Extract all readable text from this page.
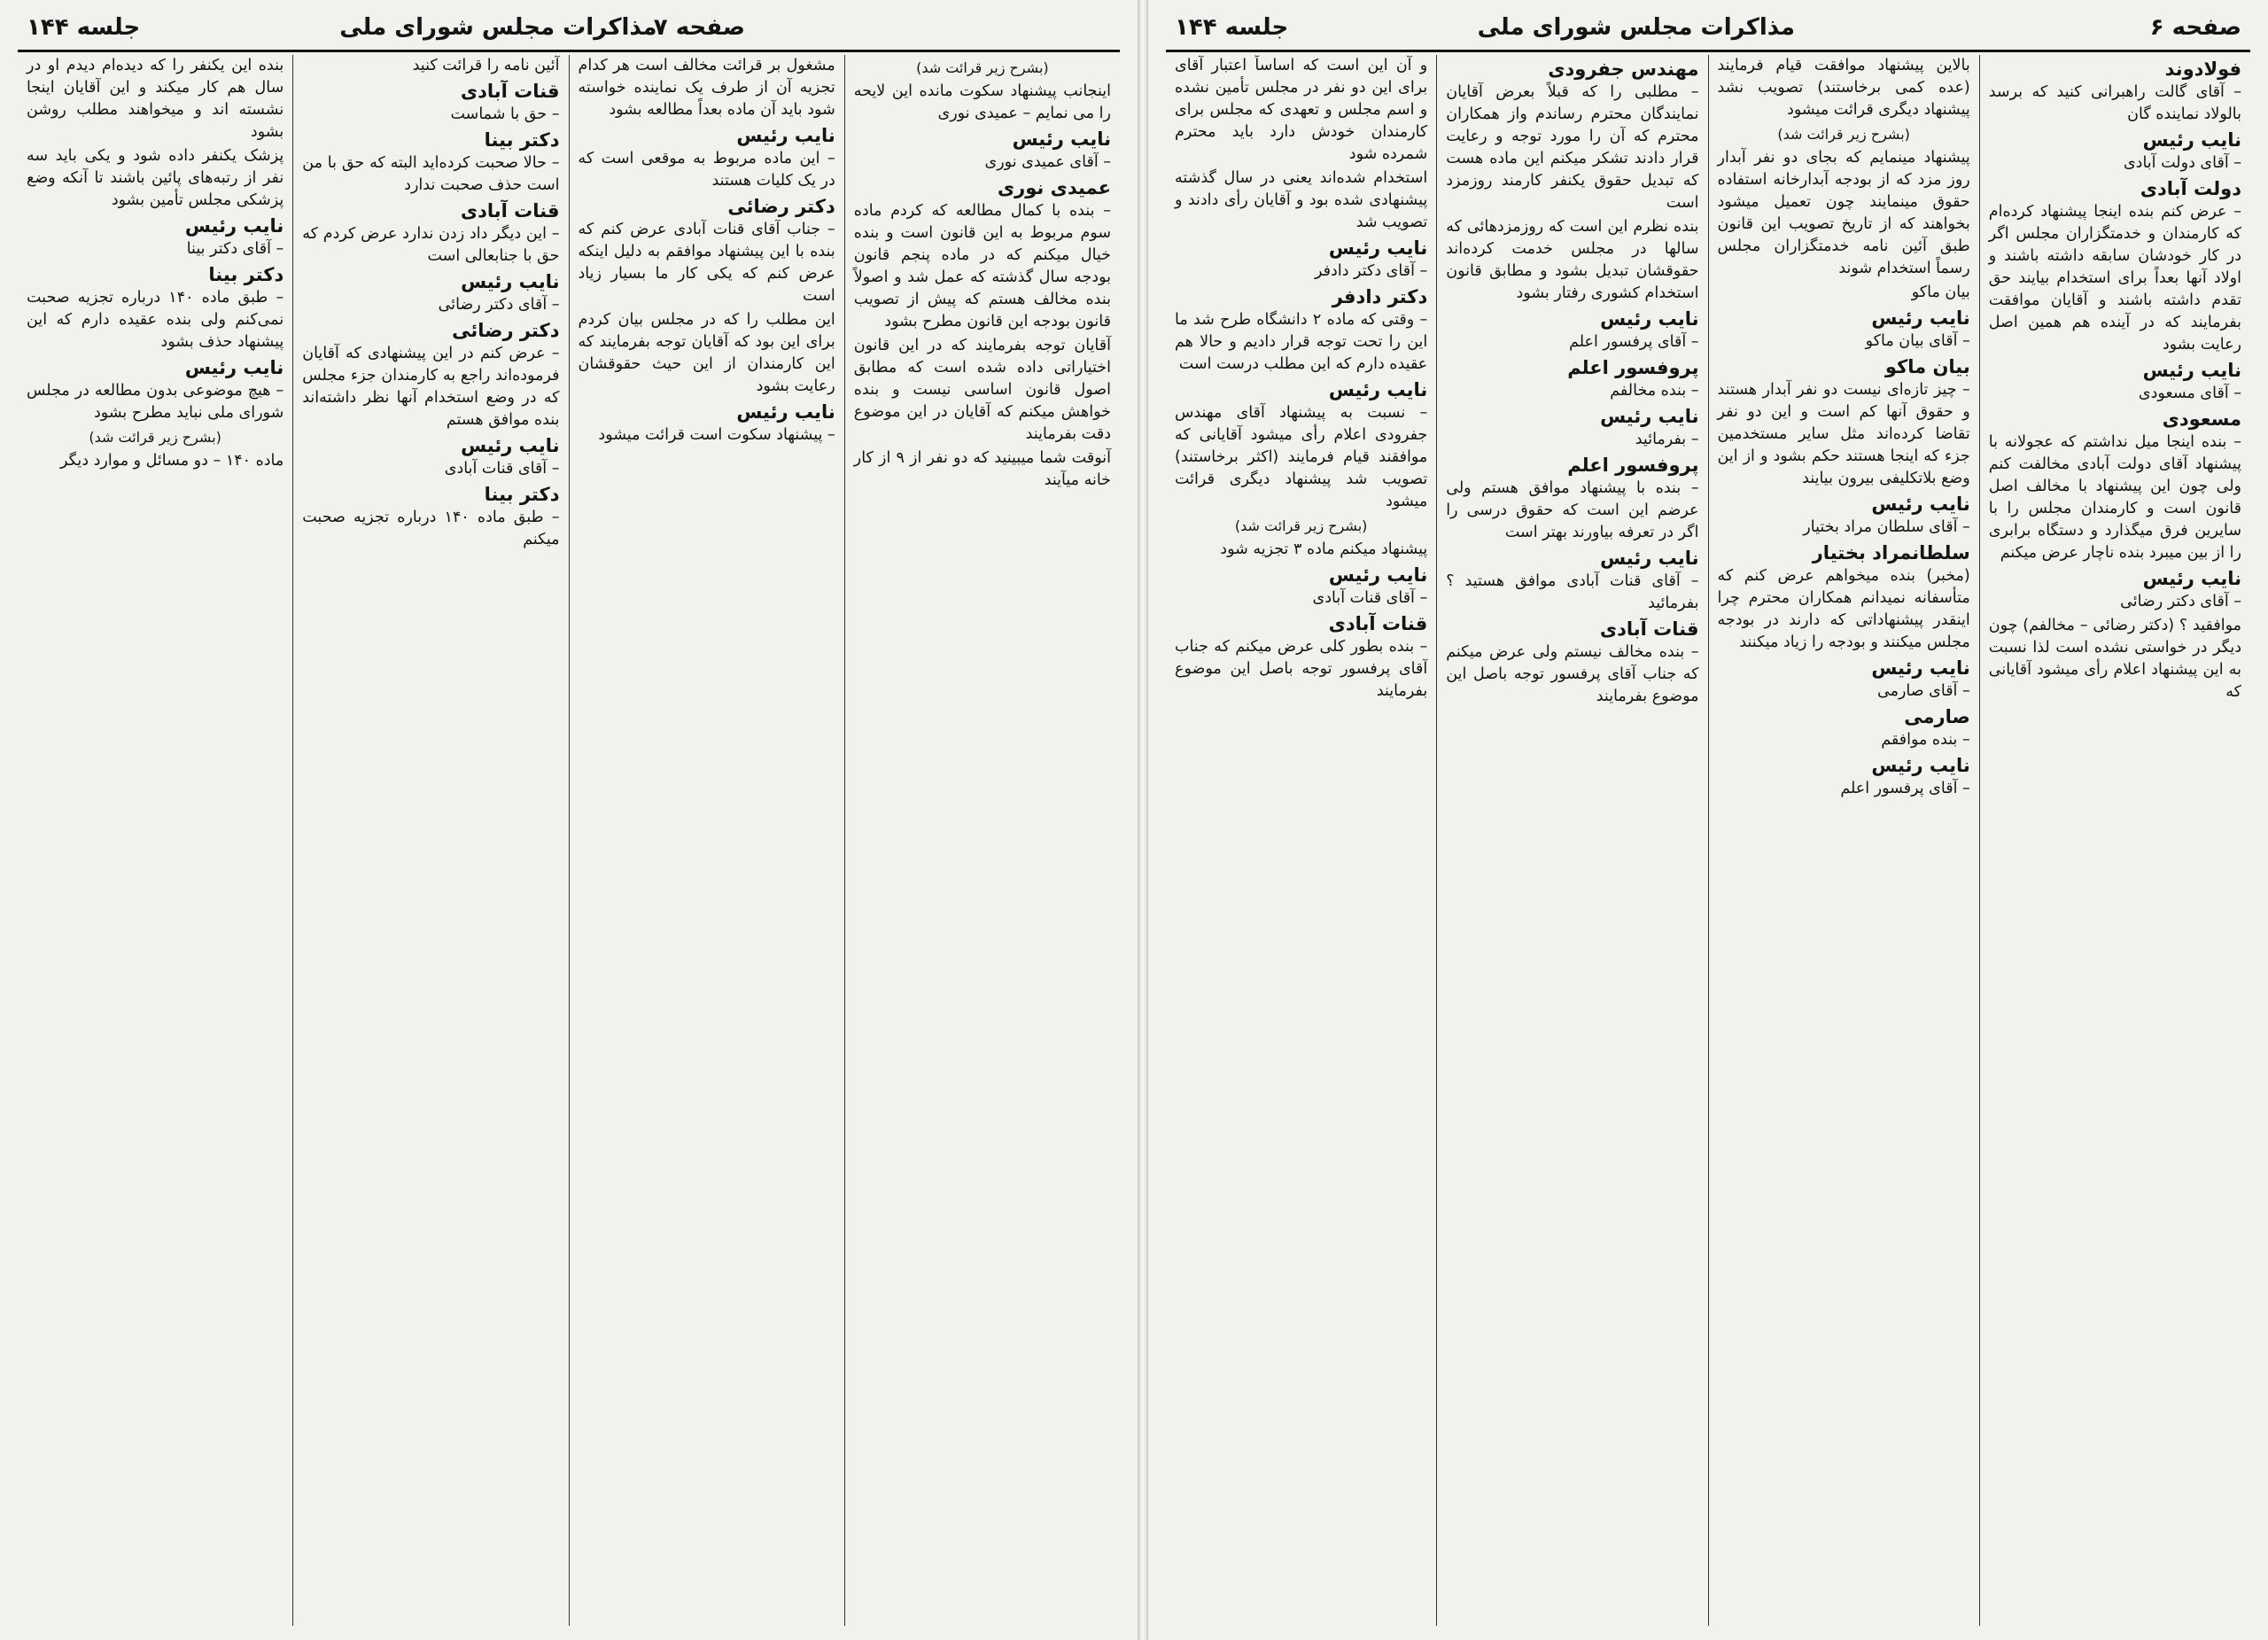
صفحه ۶
مذاکرات مجلس شورای ملی
جلسه ۱۴۴
فولادوند

– آقای گالت راهبرانی کنید که برسد بالولاد نماینده گان

نایب رئیس

– آقای دولت آبادی

دولت آبادی

– عرض کنم بنده اینجا پیشنهاد کرده‌ام که کارمندان و خدمتگزاران مجلس اگر در کار خودشان سابقه داشته باشند و اولاد آنها بعداً برای استخدام بیایند حق تقدم داشته باشند و آقایان موافقت بفرمایند که در آینده هم همین اصل رعایت بشود

نایب رئیس

– آقای مسعودی

مسعودی

– بنده اینجا میل نداشتم که عجولانه با پیشنهاد آقای دولت آبادی مخالفت کنم ولی چون این پیشنهاد با مخالف اصل قانون است و کارمندان مجلس را با سایرین فرق میگذارد و دستگاه برابری را از بین میبرد بنده ناچار عرض میکنم

نایب رئیس

– آقای دکتر رضائی

موافقید ؟ (دکتر رضائی – مخالفم) چون دیگر در خواستی نشده است لذا نسبت به این پیشنهاد اعلام رأی میشود آقایانی که

بالاین پیشنهاد موافقت قیام فرمایند (عده کمی برخاستند) تصویب نشد پیشنهاد دیگری قرائت میشود

(بشرح زیر قرائت شد)

پیشنهاد مینمایم که بجای دو نفر آبدار روز مزد که از بودجه آبدارخانه استفاده حقوق مینمایند چون تعمیل میشود بخواهند که از تاریخ تصویب این قانون طبق آئین نامه خدمتگزاران مجلس رسماً استخدام شوند

بیان ماکو

نایب رئیس

– آقای بیان ماکو

بیان ماکو

– چیز تازه‌ای نیست دو نفر آبدار هستند و حقوق آنها کم است و این دو نفر تقاضا کرده‌اند مثل سایر مستخدمین جزء که اینجا هستند حکم بشود و از این وضع بلاتکلیفی بیرون بیایند

نایب رئیس

– آقای سلطان مراد بختیار

سلطانمراد بختیار

(مخبر) بنده میخواهم عرض کنم که متأسفانه نمیدانم همکاران محترم چرا اینقدر پیشنهاداتی که دارند در بودجه مجلس میکنند و بودجه را زیاد میکنند

نایب رئیس

– آقای صارمی

صارمی

– بنده موافقم

نایب رئیس

– آقای پرفسور اعلم

مهندس جفرودی

– مطلبی را که قبلاً بعرض آقایان نمایندگان محترم رساندم واز همکاران محترم که آن را مورد توجه و رعایت قرار دادند تشکر میکنم این ماده هست که تبدیل حقوق یکنفر کارمند روزمزد است

بنده نظرم این است که روزمزدهائی که سالها در مجلس خدمت کرده‌اند حقوقشان تبدیل بشود و مطابق قانون استخدام کشوری رفتار بشود

نایب رئیس

– آقای پرفسور اعلم

پروفسور اعلم

– بنده مخالفم

نایب رئیس

– بفرمائید

پروفسور اعلم

– بنده با پیشنهاد موافق هستم ولی عرضم این است که حقوق درسی را اگر در تعرفه بیاورند بهتر است

نایب رئیس

– آقای قنات آبادی موافق هستید ؟ بفرمائید

قنات آبادی

– بنده مخالف نیستم ولی عرض میکنم که جناب آقای پرفسور توجه باصل این موضوع بفرمایند

و آن این است که اساساً اعتبار آقای برای این دو نفر در مجلس تأمین نشده و اسم مجلس و تعهدی که مجلس برای کارمندان خودش دارد باید محترم شمرده شود

استخدام شده‌اند یعنی در سال گذشته پیشنهادی شده بود و آقایان رأی دادند و تصویب شد

نایب رئیس

– آقای دکتر دادفر

دکتر دادفر

– وقتی که ماده ۲ دانشگاه طرح شد ما این را تحت توجه قرار دادیم و حالا هم عقیده دارم که این مطلب درست است

نایب رئیس

– نسبت به پیشنهاد آقای مهندس جفرودی اعلام رأی میشود آقایانی که موافقند قیام فرمایند (اکثر برخاستند) تصویب شد پیشنهاد دیگری قرائت میشود

(بشرح زیر قرائت شد)

پیشنهاد میکنم ماده ۳ تجزیه شود

نایب رئیس

– آقای قنات آبادی

قنات آبادی

– بنده بطور کلی عرض میکنم که جناب آقای پرفسور توجه باصل این موضوع بفرمایند

جلسه ۱۴۴	مذاکرات مجلس شورای ملی
صفحه ۷
(بشرح زیر قرائت شد)

اینجانب پیشنهاد سکوت مانده این لایحه را می نمایم – عمیدی نوری

نایب رئیس

– آقای عمیدی نوری

عمیدی نوری

– بنده با کمال مطالعه که کردم ماده سوم مربوط به این قانون است و بنده خیال میکنم که در ماده پنجم قانون بودجه سال گذشته که عمل شد و اصولاً بنده مخالف هستم که پیش از تصویب قانون بودجه این قانون مطرح بشود

آقایان توجه بفرمایند که در این قانون اختیاراتی داده شده است که مطابق اصول قانون اساسی نیست و بنده خواهش میکنم که آقایان در این موضوع دقت بفرمایند

آنوقت شما میبینید که دو نفر از ۹ از کار خانه میآیند

مشغول بر قرائت مخالف است هر کدام تجزیه آن از طرف یک نماینده خواسته شود باید آن ماده بعداً مطالعه بشود

نایب رئیس

– این ماده مربوط به موقعی است که در یک کلیات هستند

دکتر رضائی

– جناب آقای قنات آبادی عرض کنم که بنده با این پیشنهاد موافقم به دلیل اینکه عرض کنم که یکی کار ما بسیار زیاد است

این مطلب را که در مجلس بیان کردم برای این بود که آقایان توجه بفرمایند که این کارمندان از این حیث حقوقشان رعایت بشود

نایب رئیس

– پیشنهاد سکوت است قرائت میشود

آئین نامه را قرائت کنید

قنات آبادی

– حق با شماست

دکتر بینا

– حالا صحبت کرده‌اید البته که حق با من است حذف صحبت ندارد

قنات آبادی

– این دیگر داد زدن ندارد عرض کردم که حق با جنابعالی است

نایب رئیس

– آقای دکتر رضائی

دکتر رضائی

– عرض کنم در این پیشنهادی که آقایان فرموده‌اند راجع به کارمندان جزء مجلس که در وضع استخدام آنها نظر داشته‌اند بنده موافق هستم

نایب رئیس

– آقای قنات آبادی

دکتر بینا

– طبق ماده ۱۴۰ درباره تجزیه صحبت میکنم

بنده این یکنفر را که دیده‌ام دیدم او در سال هم کار میکند و این آقایان اینجا نشسته اند و میخواهند مطلب روشن بشود

پزشک یکنفر داده شود و یکی باید سه نفر از رتبه‌های پائین باشند تا آنکه وضع پزشکی مجلس تأمین بشود

نایب رئیس

– آقای دکتر بینا

دکتر بینا

– طبق ماده ۱۴۰ درباره تجزیه صحبت نمی‌کنم ولی بنده عقیده دارم که این پیشنهاد حذف بشود

نایب رئیس

– هیچ موضوعی بدون مطالعه در مجلس شورای ملی نباید مطرح بشود

(بشرح زیر قرائت شد)

ماده ۱۴۰ – دو مسائل و موارد دیگر
